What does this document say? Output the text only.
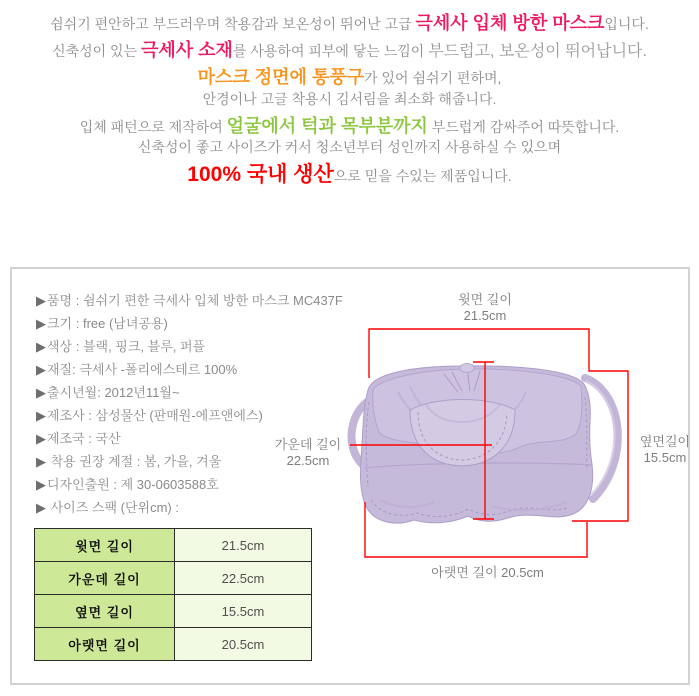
쉼쉬기 편안하고 부드러우며 착용감과 보온성이 뛰어난 고급 극세사 입체 방한 마스크입니다.
신축성이 있는 극세사 소재를 사용하여 피부에 닿는 느낌이 부드럽고, 보온성이 뛰어납니다.
마스크 정면에 통풍구가 있어 쉼쉬기 편하며,
안경이나 고글 착용시 김서림을 최소화 해줍니다.
입체 패턴으로 제작하여 얼굴에서 턱과 목부분까지 부드럽게 감싸주어 따뜻합니다.
신축성이 좋고 사이즈가 커서 청소년부터 성인까지 사용하실 수 있으며
100% 국내 생산으로 믿을 수있는 제품입니다.
▶품명 : 쉼쉬기 편한 극세사 입체 방한 마스크 MC437F
▶크기 : free (남녀공용)
▶색상 : 블랙, 핑크, 블루, 퍼플
▶재질: 극세사 -폴리에스테르 100%
▶출시년월: 2012년11월~
▶제조사 : 삼성물산 (판매원-에프앤에스)
▶제조국 : 국산
▶ 착용 권장 계절 : 봄, 가을, 겨울
▶디자인출원 : 제 30-0603588호
▶ 사이즈 스팩 (단위cm) :
윗면 길이	21.5cm
가운데 길이	22.5cm
옆면 길이	15.5cm
아랫면 길이	20.5cm
윗면 길이
21.5cm
가운데 길이
22.5cm
옆면길이
15.5cm
아랫면 길이 20.5cm
